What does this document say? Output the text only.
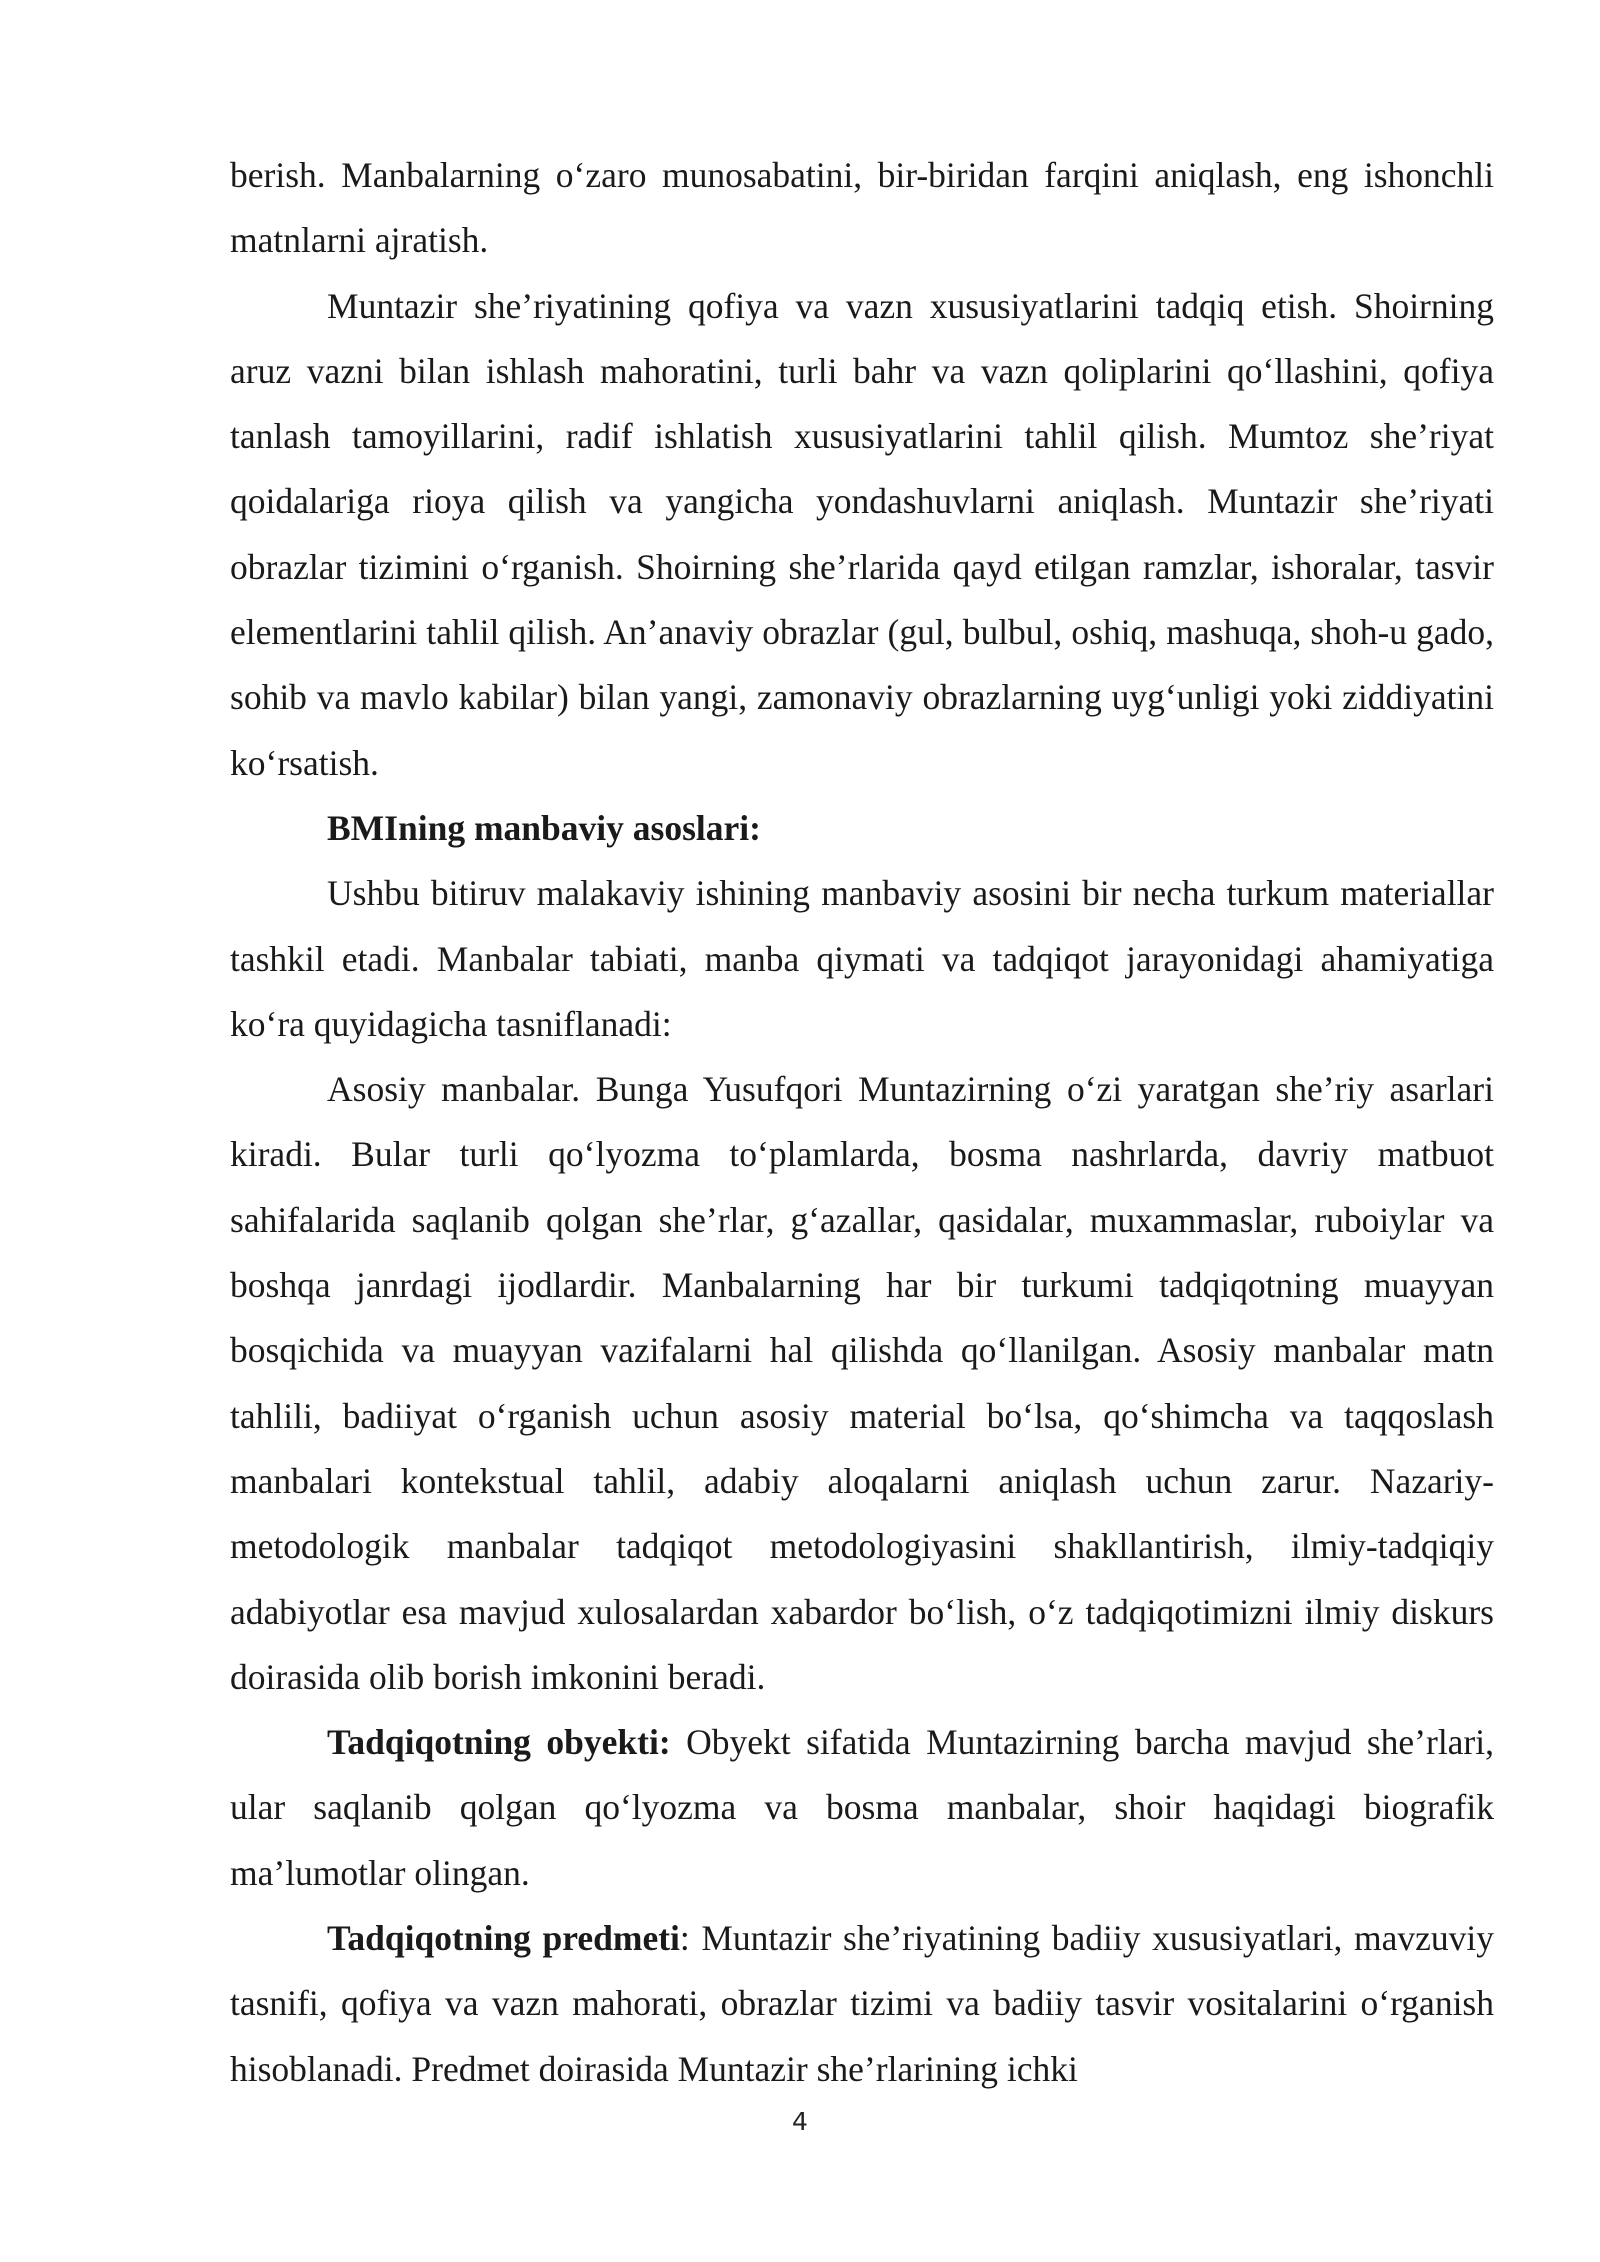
berish. Manbalarning o‘zaro munosabatini, bir-biridan farqini aniqlash, eng ishonchli matnlarni ajratish.

Muntazir she’riyatining qofiya va vazn xususiyatlarini tadqiq etish. Shoirning aruz vazni bilan ishlash mahoratini, turli bahr va vazn qoliplarini qo‘llashini, qofiya tanlash tamoyillarini, radif ishlatish xususiyatlarini tahlil qilish. Mumtoz she’riyat qoidalariga rioya qilish va yangicha yondashuvlarni aniqlash. Muntazir she’riyati obrazlar tizimini o‘rganish. Shoirning she’rlarida qayd etilgan ramzlar, ishoralar, tasvir elementlarini tahlil qilish. An’anaviy obrazlar (gul, bulbul, oshiq, mashuqa, shoh-u gado, sohib va mavlo kabilar) bilan yangi, zamonaviy obrazlarning uyg‘unligi yoki ziddiyatini ko‘rsatish.

BMIning manbaviy asoslari:

Ushbu bitiruv malakaviy ishining manbaviy asosini bir necha turkum materiallar tashkil etadi. Manbalar tabiati, manba qiymati va tadqiqot jarayonidagi ahamiyatiga ko‘ra quyidagicha tasniflanadi:

Asosiy manbalar. Bunga Yusufqori Muntazirning o‘zi yaratgan she’riy asarlari kiradi. Bular turli qo‘lyozma to‘plamlarda, bosma nashrlarda, davriy matbuot sahifalarida saqlanib qolgan she’rlar, g‘azallar, qasidalar, muxammaslar, ruboiylar va boshqa janrdagi ijodlardir. Manbalarning har bir turkumi tadqiqotning muayyan bosqichida va muayyan vazifalarni hal qilishda qo‘llanilgan. Asosiy manbalar matn tahlili, badiiyat o‘rganish uchun asosiy material bo‘lsa, qo‘shimcha va taqqoslash manbalari kontekstual tahlil, adabiy aloqalarni aniqlash uchun zarur. Nazariy-metodologik manbalar tadqiqot metodologiyasini shakllantirish, ilmiy-tadqiqiy adabiyotlar esa mavjud xulosalardan xabardor bo‘lish, o‘z tadqiqotimizni ilmiy diskurs doirasida olib borish imkonini beradi.

Tadqiqotning obyekti: Obyekt sifatida Muntazirning barcha mavjud she’rlari, ular saqlanib qolgan qo‘lyozma va bosma manbalar, shoir haqidagi biografik ma’lumotlar olingan.

Tadqiqotning predmeti: Muntazir she’riyatining badiiy xususiyatlari, mavzuviy tasnifi, qofiya va vazn mahorati, obrazlar tizimi va badiiy tasvir vositalarini o‘rganish hisoblanadi. Predmet doirasida Muntazir she’rlarining ichki

4
